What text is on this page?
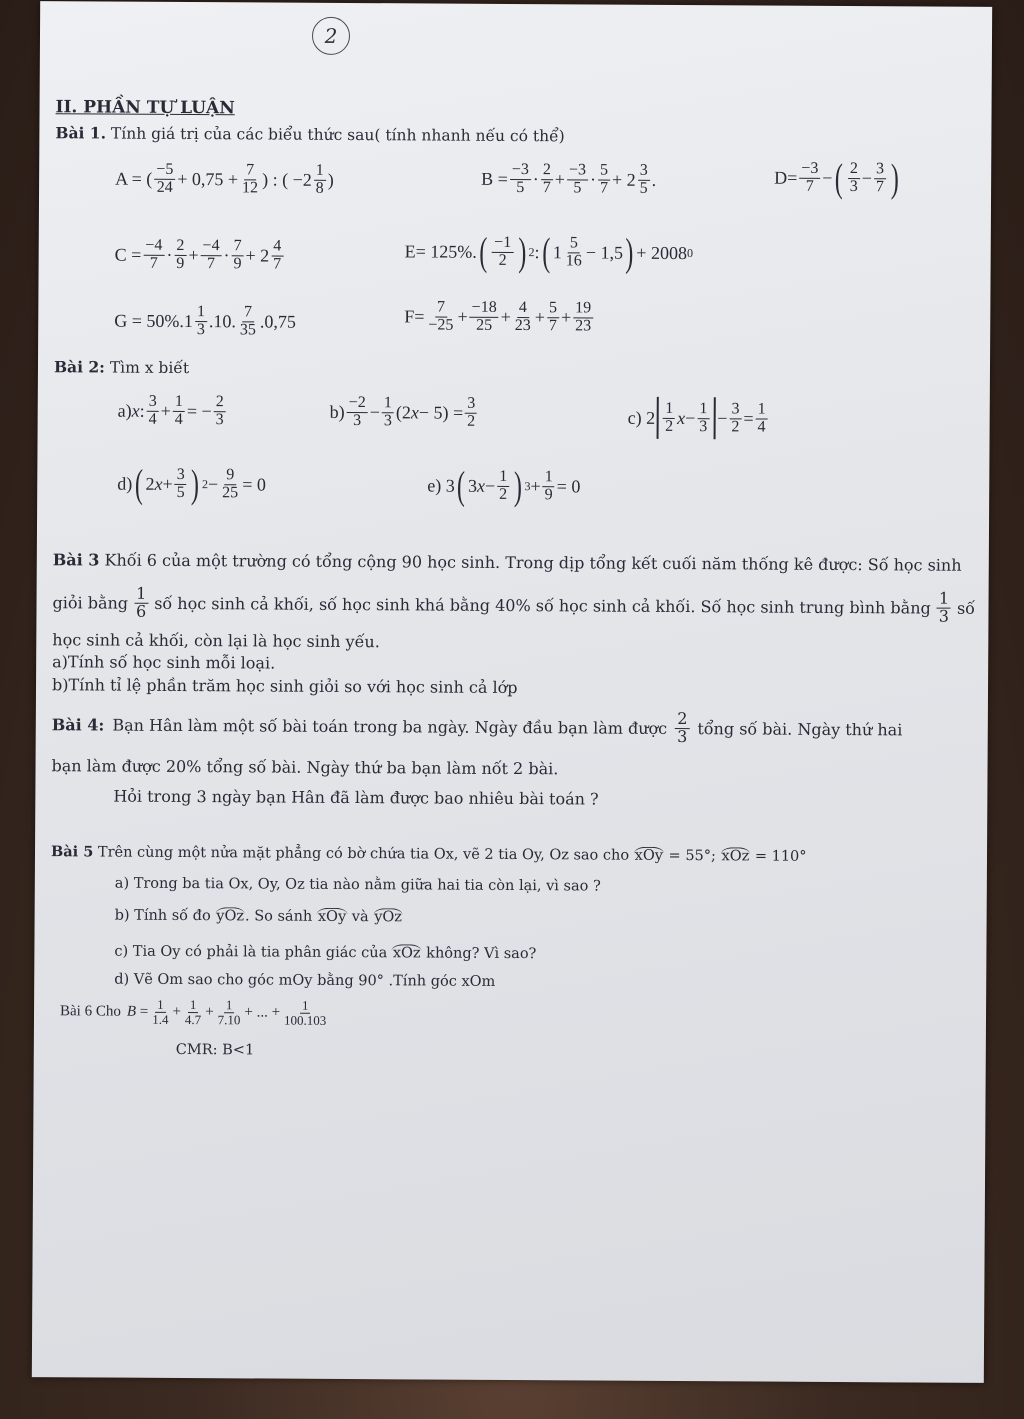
2
II. PHẦN TỰ LUẬN
Bài 1. Tính giá trị của các biểu thức sau( tính nhanh nếu có thể)
A = ( $\frac{-5}{24} + 0,75 + \frac{7}{12}$ ) : ( $-2 \frac{1}{8}$ )	$B = \frac{-3}{5} \cdot \frac{2}{7} + \frac{-3}{5} \cdot \frac{5}{7} + 2 \frac{3}{5}$ .	$D= \frac{-3}{7}$ − ( $\frac{2}{3} - \frac{3}{7}$ )
$C = \frac{-4}{7} \cdot \frac{2}{9} + \frac{-4}{7} \cdot \frac{7}{9} + 2 \frac{4}{7}$	E= 125%. ( $\frac{-1}{2}$ ) 2 : ( $1 \frac{5}{16} - 1,5$ ) + 2008 0
$G = 50\%.1 \frac{1}{3} .10$. $\frac{7}{35} .0,75$	$F= \frac{7}{-25} + \frac{-18}{25} + \frac{4}{23} + \frac{5}{7} + \frac{19}{23}$
Bài 2: Tìm x biết
a) x : $\frac{3}{4} + \frac{1}{4}$ = − $\frac{2}{3}$	$b) \frac{-2}{3} - \frac{1}{3} (2$ $x - 5) = \frac{3}{2}$	c) $2 \frac{1}{2}$ $x - \frac{1}{3} - \frac{3}{2} = \frac{1}{4}$
d) ( 2 $x + \frac{3}{5}$ ) $2 - \frac{9}{25} = 0$	e) 3 ( 3 $x - \frac{1}{2}$ ) $3 + \frac{1}{9} = 0$
Bài 3 Khối 6 của một trường có tổng cộng 90 học sinh. Trong dịp tổng kết cuối năm thống kê được: Số học sinh
giỏi bằng $\frac{1}{6}$ số học sinh cả khối, số học sinh khá bằng 40% số học sinh cả khối. Số học sinh trung bình bằng $\frac{1}{3}$ số
học sinh cả khối, còn lại là học sinh yếu.
a)Tính số học sinh mỗi loại.
b)Tính tỉ lệ phần trăm học sinh giỏi so với học sinh cả lớp
Bài 4: Bạn Hân làm một số bài toán trong ba ngày. Ngày đầu bạn làm được $\frac{2}{3}$ tổng số bài. Ngày thứ hai
bạn làm được 20% tổng số bài. Ngày thứ ba bạn làm nốt 2 bài.
Hỏi trong 3 ngày bạn Hân đã làm được bao nhiêu bài toán ?
Bài 5 Trên cùng một nửa mặt phẳng có bờ chứa tia Ox, vẽ 2 tia Oy, Oz sao cho xOy = 55°; xOz = 110°
a) Trong ba tia Ox, Oy, Oz tia nào nằm giữa hai tia còn lại, vì sao ?
b) Tính số đo yOz. So sánh xOy và yOz
c) Tia Oy có phải là tia phân giác của xOz không? Vì sao?
d) Vẽ Om sao cho góc mOy bằng 90° .Tính góc xOm
Bài 6 Cho $B = \frac{1}{1.4} + \frac{1}{4.7} + \frac{1}{7.10}$ + ... + $\frac{1}{100.103}$
CMR: B<1
